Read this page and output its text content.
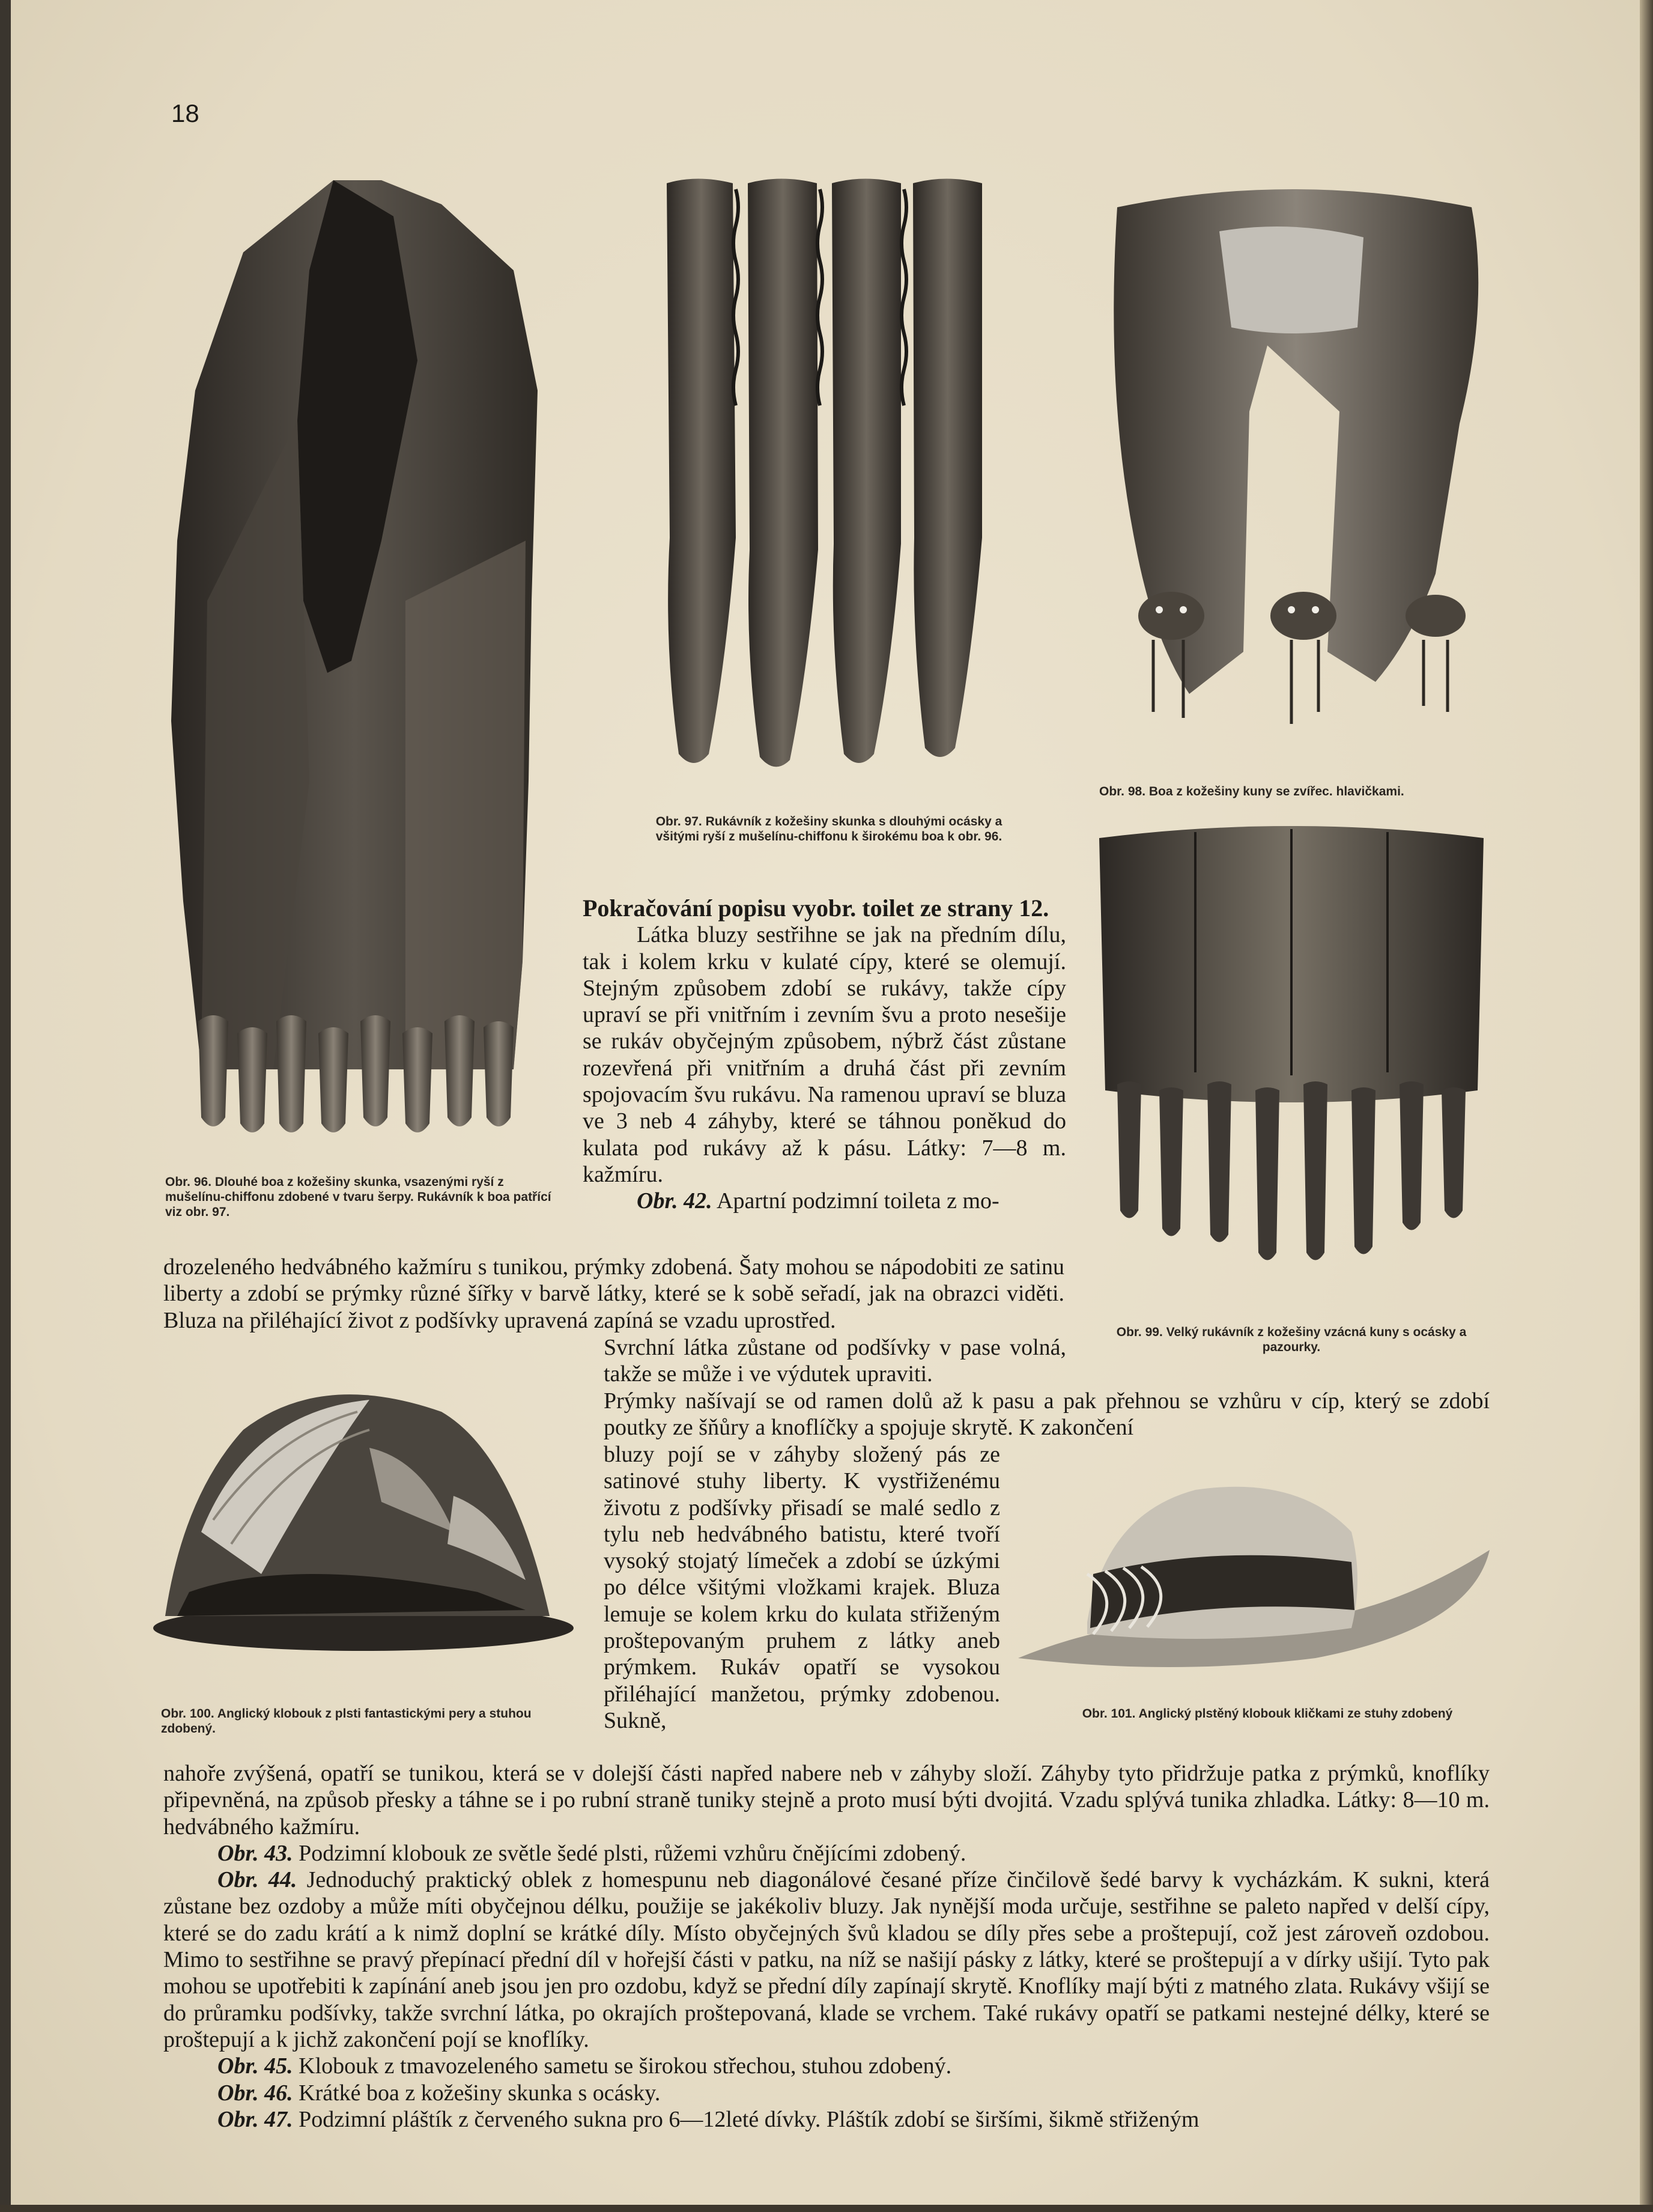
18

Obr. 96. Dlouhé boa z kožešiny skunka, vsazenými ryší z mušelínu-chiffonu zdobené v tvaru šerpy. Rukávník k boa patřící viz obr. 97.

Obr. 97. Rukávník z kožešiny skunka s dlouhými ocásky a všitými ryší z mušelínu-chiffonu k širokému boa k obr. 96.

Obr. 98. Boa z kožešiny kuny se zvířec. hlavičkami.

Obr. 99. Velký rukávník z kožešiny vzácná kuny s ocásky a pazourky.

Obr. 100. Anglický klobouk z plsti fantastickými pery a stuhou zdobený.

Obr. 101. Anglický plstěný klobouk kličkami ze stuhy zdobený

Pokračování popisu vyobr. toilet ze strany 12.

Látka bluzy sestřihne se jak na předním dílu, tak i kolem krku v kulaté cípy, které se olemují. Stejným způsobem zdobí se rukávy, takže cípy upraví se při vnitřním i zevním švu a proto nesešije se rukáv obyčejným způsobem, nýbrž část zůstane rozevřená při vnitřním a druhá část při zevním spojovacím švu rukávu. Na ramenou upraví se bluza ve 3 neb 4 záhyby, které se táhnou poněkud do kulata pod rukávy až k pásu. Látky: 7—8 m. kažmíru.

Obr. 42. Apartní podzimní toileta z mo-

drozeleného hedvábného kažmíru s tunikou, prýmky zdobená. Šaty mohou se nápodobiti ze satinu liberty a zdobí se prýmky různé šířky v barvě látky, které se k sobě seřadí, jak na obrazci viděti. Bluza na přiléhající život z podšívky upravená zapíná se vzadu uprostřed.
Svrchní látka zůstane od podšívky v pase volná, takže se může i ve výdutek upraviti.
Prýmky našívají se od ramen dolů až k pasu a pak přehnou se vzhůru v cíp, který se zdobí poutky ze šňůry a knoflíčky a spojuje skrytě. K zakončení
bluzy pojí se v záhyby složený pás ze satinové stuhy liberty. K vystřiženému životu z podšívky přisadí se malé sedlo z tylu neb hedvábného batistu, které tvoří vysoký stojatý límeček a zdobí se úzkými po délce všitými vložkami krajek. Bluza lemuje se kolem krku do kulata střiženým proštepovaným pruhem z látky aneb prýmkem. Rukáv opatří se vysokou přiléhající manžetou, prýmky zdobenou. Sukně,

nahoře zvýšená, opatří se tunikou, která se v dolejší části napřed nabere neb v záhyby složí. Záhyby tyto přidržuje patka z prýmků, knoflíky připevněná, na způsob přesky a táhne se i po rubní straně tuniky stejně a proto musí býti dvojitá. Vzadu splývá tunika zhladka. Látky: 8—10 m. hedvábného kažmíru.

Obr. 43. Podzimní klobouk ze světle šedé plsti, růžemi vzhůru čnějícími zdobený.

Obr. 44. Jednoduchý praktický oblek z homespunu neb diagonálové česané příze činčilově šedé barvy k vycházkám. K sukni, která zůstane bez ozdoby a může míti obyčejnou délku, použije se jakékoliv bluzy. Jak nynější moda určuje, sestřihne se paleto napřed v delší cípy, které se do zadu krátí a k nimž doplní se krátké díly. Místo obyčejných švů kladou se díly přes sebe a proštepují, což jest zároveň ozdobou. Mimo to sestřihne se pravý přepínací přední díl v hořejší části v patku, na níž se našijí pásky z látky, které se proštepují a v dírky ušijí. Tyto pak mohou se upotřebiti k zapínání aneb jsou jen pro ozdobu, když se přední díly zapínají skrytě. Knoflíky mají býti z matného zlata. Rukávy všijí se do průramku podšívky, takže svrchní látka, po okrajích proštepovaná, klade se vrchem. Také rukávy opatří se patkami nestejné délky, které se proštepují a k jichž zakončení pojí se knoflíky.

Obr. 45. Klobouk z tmavozeleného sametu se širokou střechou, stuhou zdobený.

Obr. 46. Krátké boa z kožešiny skunka s ocásky.

Obr. 47. Podzimní pláštík z červeného sukna pro 6—12leté dívky. Pláštík zdobí se širšími, šikmě střiženým
